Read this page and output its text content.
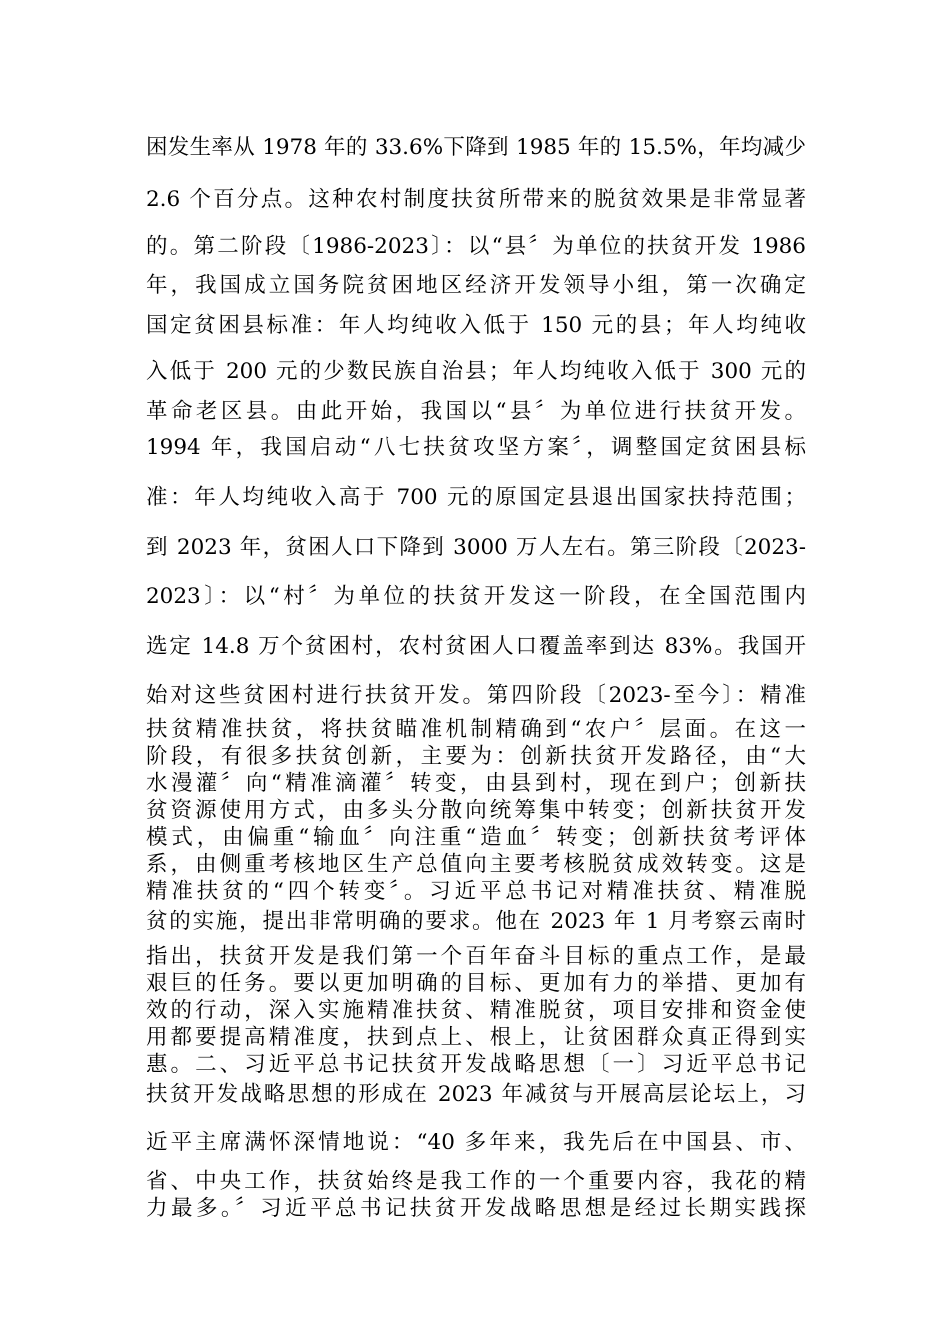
困发生率从 1978 年的 33.6%下降到 1985 年的 15.5%，年均减少
2.6 个百分点。这种农村制度扶贫所带来的脱贫效果是非常显著
的。第二阶段〔1986-2023〕：以“县〞为单位的扶贫开发 1986
年，我国成立国务院贫困地区经济开发领导小组，第一次确定
国定贫困县标准：年人均纯收入低于 150 元的县；年人均纯收
入低于 200 元的少数民族自治县；年人均纯收入低于 300 元的
革命老区县。由此开始，我国以“县〞为单位进行扶贫开发。
1994 年，我国启动“八七扶贫攻坚方案〞，调整国定贫困县标
准：年人均纯收入高于 700 元的原国定县退出国家扶持范围；
到 2023 年，贫困人口下降到 3000 万人左右。第三阶段〔2023-
2023〕：以“村〞为单位的扶贫开发这一阶段，在全国范围内
选定 14.8 万个贫困村，农村贫困人口覆盖率到达 83%。我国开
始对这些贫困村进行扶贫开发。第四阶段〔2023-至今〕：精准
扶贫精准扶贫，将扶贫瞄准机制精确到“农户〞层面。在这一
阶段，有很多扶贫创新，主要为：创新扶贫开发路径，由“大
水漫灌〞向“精准滴灌〞转变，由县到村，现在到户；创新扶
贫资源使用方式，由多头分散向统筹集中转变；创新扶贫开发
模式，由偏重“输血〞向注重“造血〞转变；创新扶贫考评体
系，由侧重考核地区生产总值向主要考核脱贫成效转变。这是
精准扶贫的“四个转变〞。习近平总书记对精准扶贫、精准脱
贫的实施，提出非常明确的要求。他在 2023 年 1 月考察云南时
指出，扶贫开发是我们第一个百年奋斗目标的重点工作，是最
艰巨的任务。要以更加明确的目标、更加有力的举措、更加有
效的行动，深入实施精准扶贫、精准脱贫，项目安排和资金使
用都要提高精准度，扶到点上、根上，让贫困群众真正得到实
惠。二、习近平总书记扶贫开发战略思想〔一〕习近平总书记
扶贫开发战略思想的形成在 2023 年减贫与开展高层论坛上，习
近平主席满怀深情地说：“40 多年来，我先后在中国县、市、
省、中央工作，扶贫始终是我工作的一个重要内容，我花的精
力最多。〞习近平总书记扶贫开发战略思想是经过长期实践探
